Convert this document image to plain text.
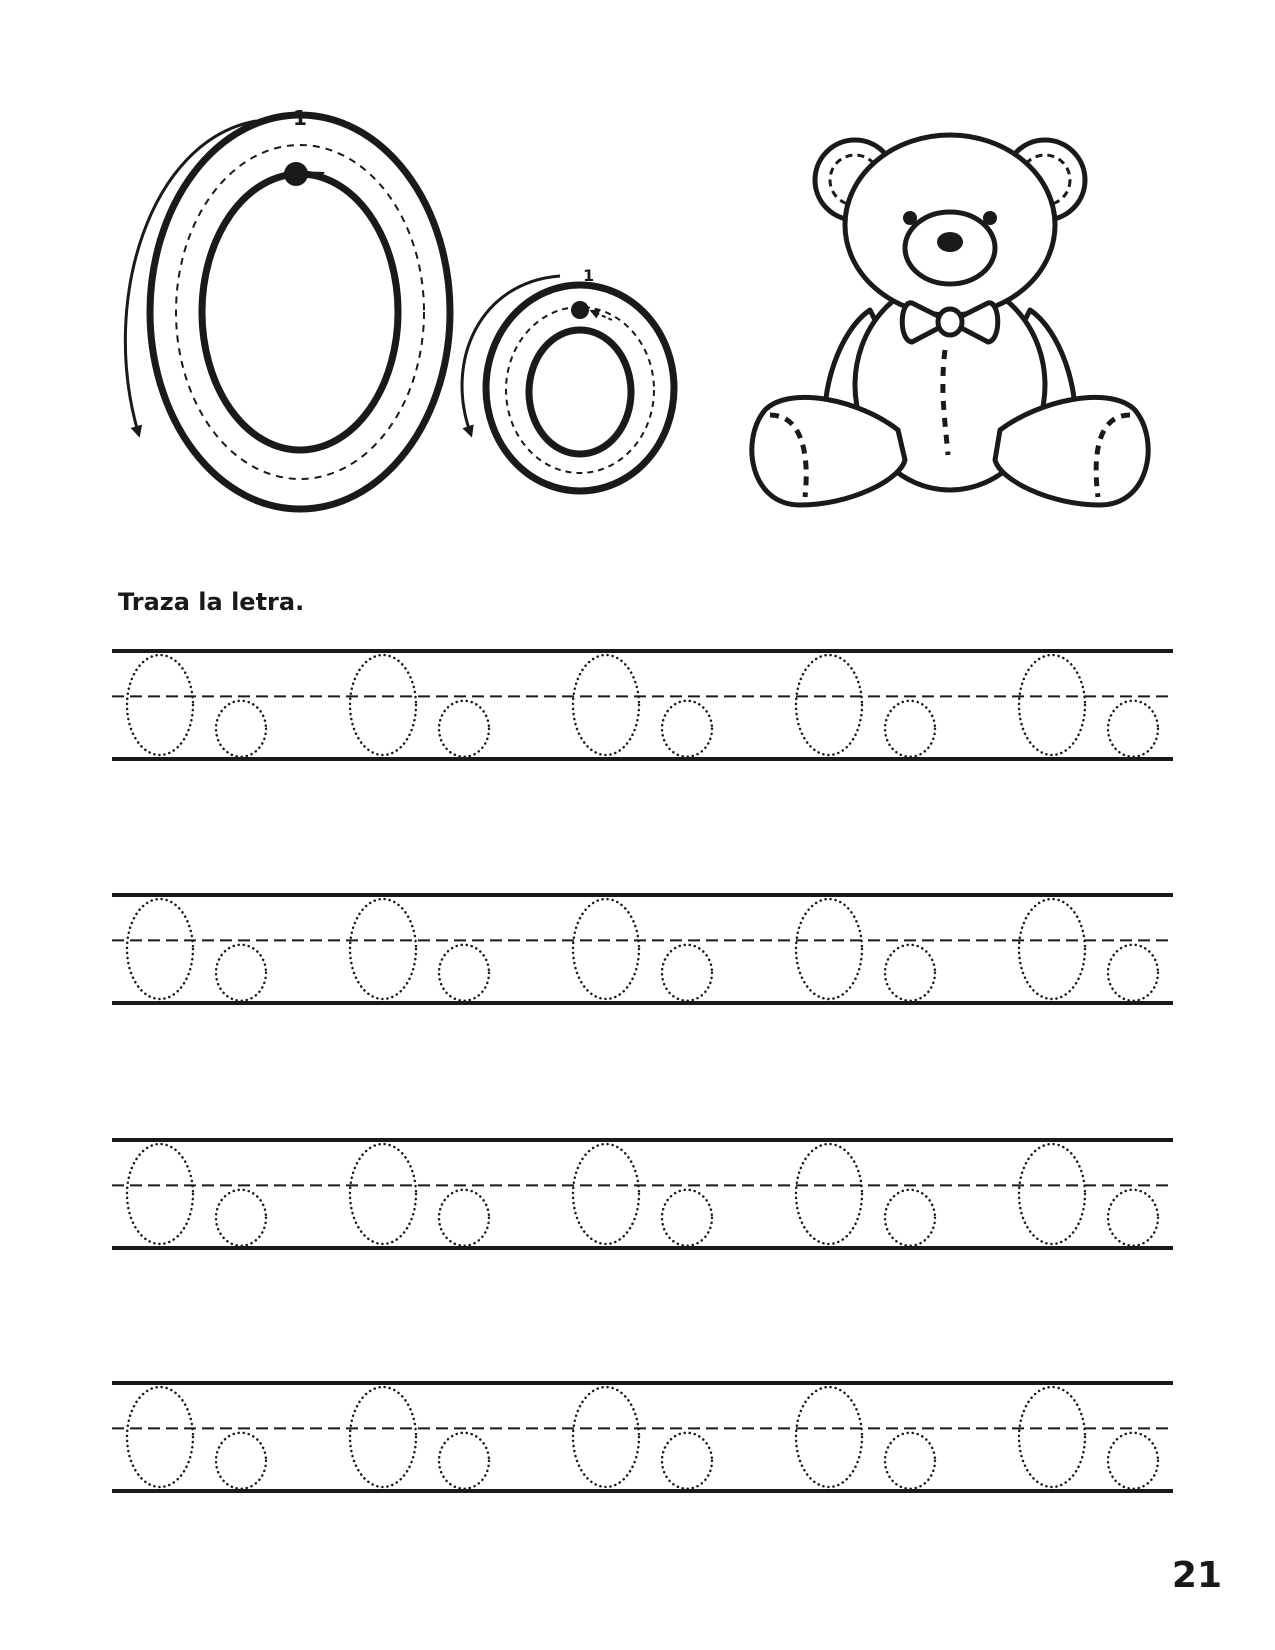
1
1
Traza la letra.
21
